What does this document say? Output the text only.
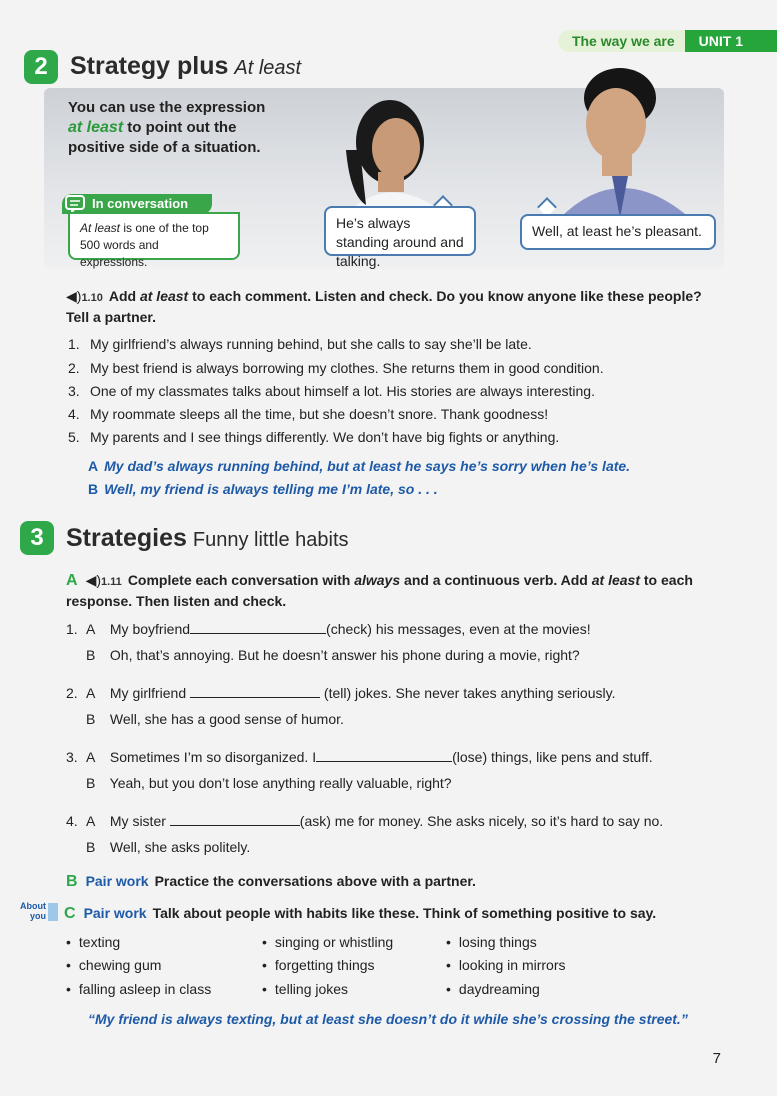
The way we are	UNIT 1
2 Strategy plus At least
You can use the expression
at least to point out the
positive side of a situation.
In conversation
At least is one of the top 500 words and expressions.
He’s always standing around and talking.
Well, at least he’s pleasant.
◀)1.10 Add at least to each comment. Listen and check. Do you know anyone like these people? Tell a partner.
1. My girlfriend’s always running behind, but she calls to say she’ll be late.
2. My best friend is always borrowing my clothes. She returns them in good condition.
3. One of my classmates talks about himself a lot. His stories are always interesting.
4. My roommate sleeps all the time, but she doesn’t snore. Thank goodness!
5. My parents and I see things differently. We don’t have big fights or anything.
A My dad’s always running behind, but at least he says he’s sorry when he’s late.
B Well, my friend is always telling me I’m late, so . . .
3 Strategies Funny little habits
A ◀)1.11 Complete each conversation with always and a continuous verb. Add at least to each response. Then listen and check.
1. A My boyfriend	(check) his messages, even at the movies!
B Oh, that’s annoying. But he doesn’t answer his phone during a movie, right?
2. A My girlfriend	(tell) jokes. She never takes anything seriously.
B Well, she has a good sense of humor.
3. A Sometimes I’m so disorganized. I	(lose) things, like pens and stuff.
B Yeah, but you don’t lose anything really valuable, right?
4. A My sister	(ask) me for money. She asks nicely, so it’s hard to say no.
B Well, she asks politely.
B Pair work Practice the conversations above with a partner.
About
you C Pair work Talk about people with habits like these. Think of something positive to say.
• texting
• chewing gum
• falling asleep in class
• singing or whistling
• forgetting things
• telling jokes
• losing things
• looking in mirrors
• daydreaming
“My friend is always texting, but at least she doesn’t do it while she’s crossing the street.”
7
